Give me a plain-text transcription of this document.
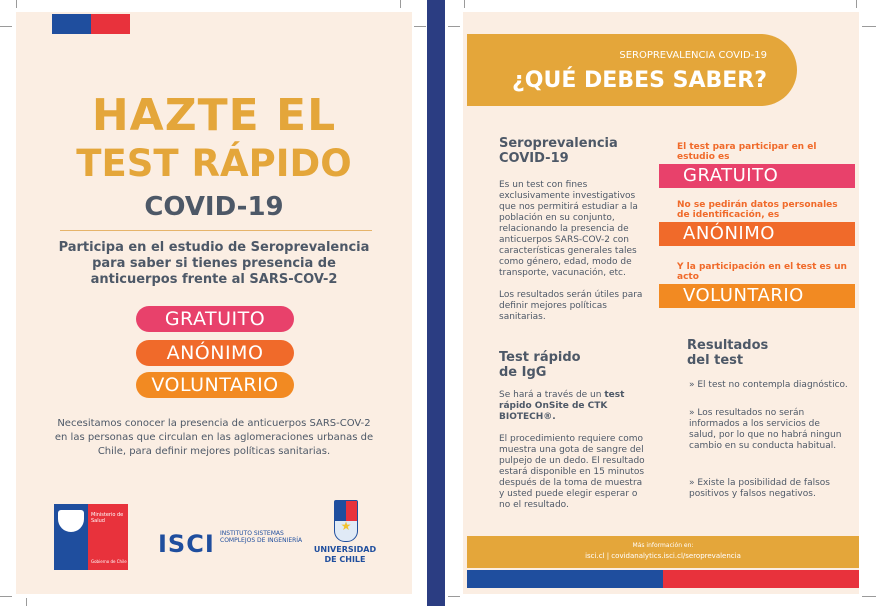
HAZTE EL
TEST RÁPIDO
COVID-19
Participa en el estudio de Seroprevalencia para saber si tienes presencia de anticuerpos frente al SARS-COV-2
GRATUITO
ANÓNIMO
VOLUNTARIO
Necesitamos conocer la presencia de anticuerpos SARS-COV-2 en las personas que circulan en las aglomeraciones urbanas de Chile, para definir mejores políticas sanitarias.
Ministerio de Salud
Gobierno de Chile
ISCI INSTITUTO SISTEMAS COMPLEJOS DE INGENIERÍA
★
UNIVERSIDAD DE CHILE
SEROPREVALENCIA COVID-19
¿QUÉ DEBES SABER?
Seroprevalencia COVID-19
Es un test con fines exclusivamente investigativos que nos permitirá estudiar a la población en su conjunto, relacionando la presencia de anticuerpos SARS-COV-2 con características generales tales como género, edad, modo de transporte, vacunación, etc.
Los resultados serán útiles para definir mejores políticas sanitarias.
Test rápido de IgG
Se hará a través de un test rápido OnSite de CTK BIOTECH®.
El procedimiento requiere como muestra una gota de sangre del pulpejo de un dedo. El resultado estará disponible en 15 minutos después de la toma de muestra y usted puede elegir esperar o no el resultado.
El test para participar en el estudio es
GRATUITO
No se pedirán datos personales de identificación, es
ANÓNIMO
Y la participación en el test es un acto
VOLUNTARIO
Resultados del test
» El test no contempla diagnóstico.
» Los resultados no serán informados a los servicios de salud, por lo que no habrá ningun cambio en su conducta habitual.
» Existe la posibilidad de falsos positivos y falsos negativos.
Más información en:
isci.cl | covidanalytics.isci.cl/seroprevalencia
